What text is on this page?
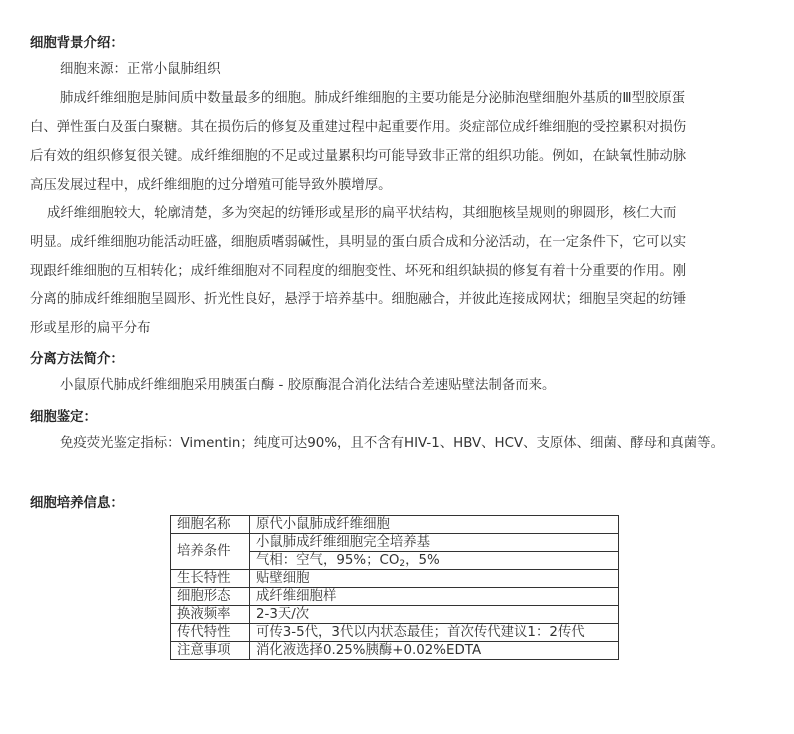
细胞背景介绍：
细胞来源：正常小鼠肺组织
肺成纤维细胞是肺间质中数量最多的细胞。肺成纤维细胞的主要功能是分泌肺泡壁细胞外基质的Ⅲ型胶原蛋
白、弹性蛋白及蛋白聚糖。其在损伤后的修复及重建过程中起重要作用。炎症部位成纤维细胞的受控累积对损伤
后有效的组织修复很关键。成纤维细胞的不足或过量累积均可能导致非正常的组织功能。例如，在缺氧性肺动脉
高压发展过程中，成纤维细胞的过分增殖可能导致外膜增厚。
成纤维细胞较大，轮廓清楚，多为突起的纺锤形或星形的扁平状结构，其细胞核呈规则的卵圆形，核仁大而
明显。成纤维细胞功能活动旺盛，细胞质嗜弱碱性，具明显的蛋白质合成和分泌活动，在一定条件下，它可以实
现跟纤维细胞的互相转化；成纤维细胞对不同程度的细胞变性、坏死和组织缺损的修复有着十分重要的作用。刚
分离的肺成纤维细胞呈圆形、折光性良好，悬浮于培养基中。细胞融合，并彼此连接成网状；细胞呈突起的纺锤
形或星形的扁平分布
分离方法简介：
小鼠原代肺成纤维细胞采用胰蛋白酶 - 胶原酶混合消化法结合差速贴壁法制备而来。
细胞鉴定：
免疫荧光鉴定指标：Vimentin；纯度可达90%，且不含有HIV-1、HBV、HCV、支原体、细菌、酵母和真菌等。
细胞培养信息：
细胞名称	原代小鼠肺成纤维细胞
培养条件	小鼠肺成纤维细胞完全培养基
	气相：空气，95%；$CO_2$，5%
生长特性	贴壁细胞
细胞形态	成纤维细胞样
换液频率	2-3天/次
传代特性	可传3-5代，3代以内状态最佳；首次传代建议1：2传代
注意事项	消化液选择0.25%胰酶+0.02%EDTA
